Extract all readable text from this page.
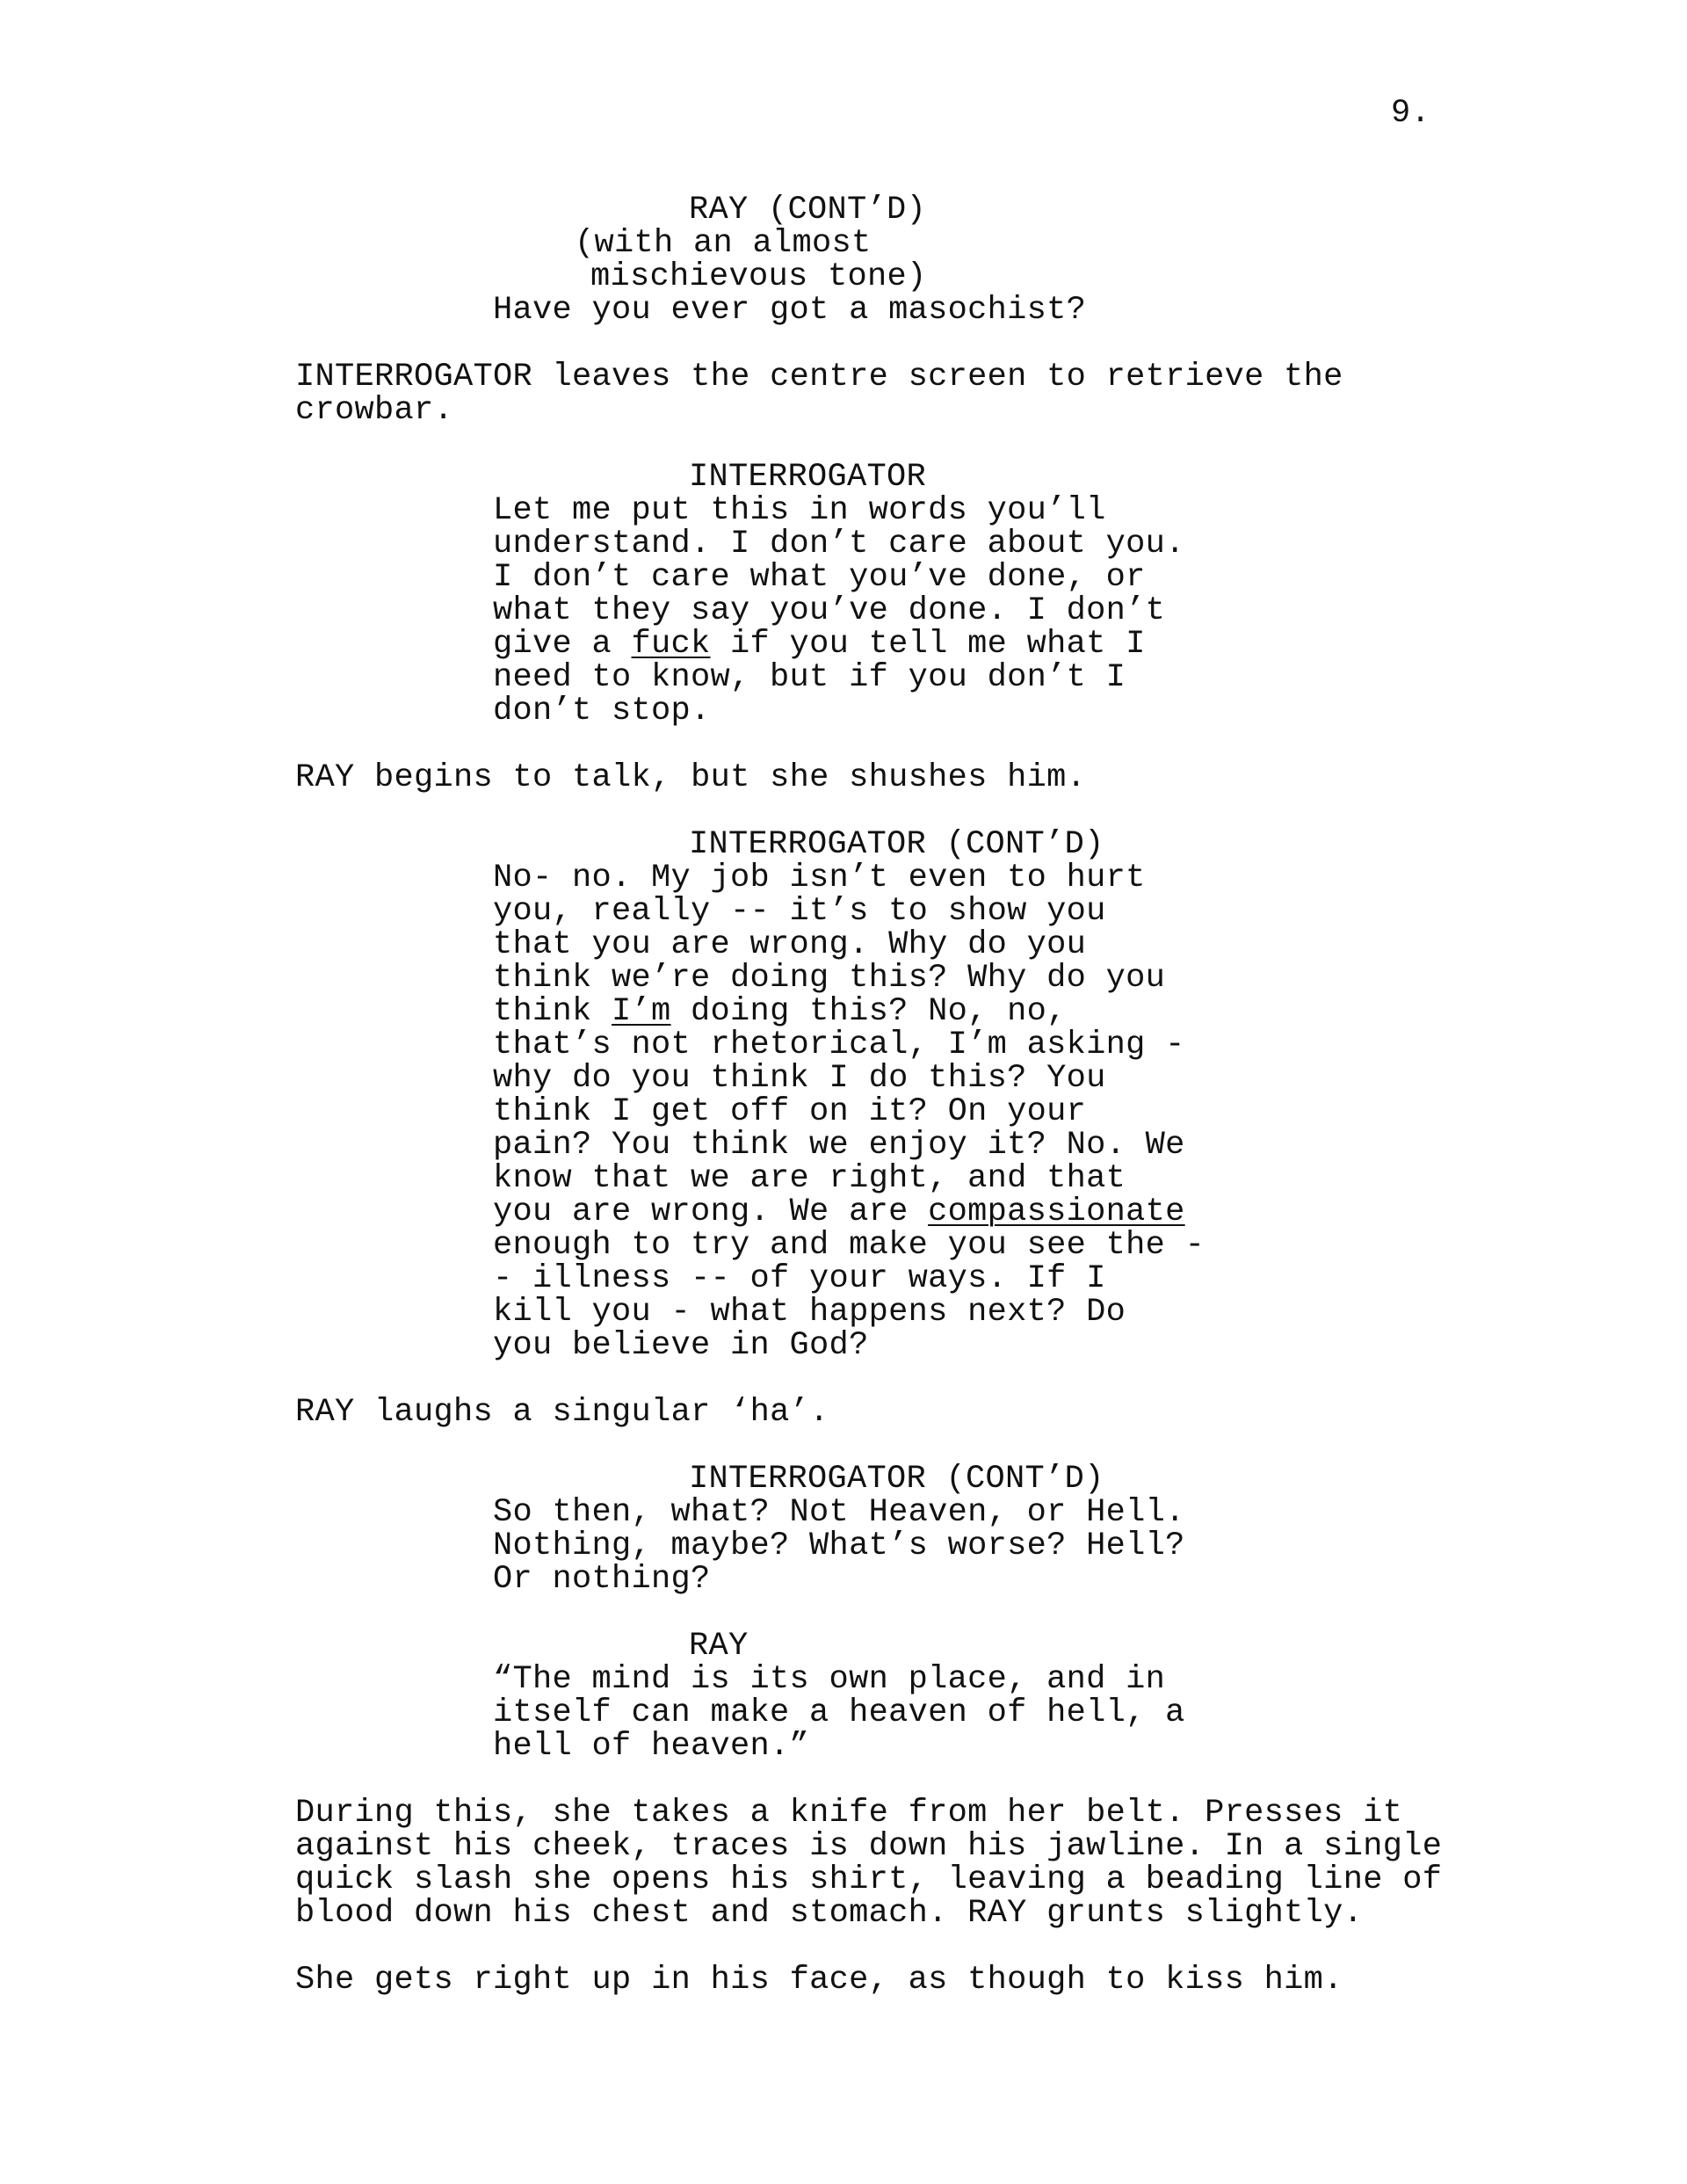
9.
RAY (CONT’D)
(with an almost
mischievous tone)
Have you ever got a masochist?
INTERROGATOR leaves the centre screen to retrieve the
crowbar.
INTERROGATOR
Let me put this in words you’ll
understand. I don’t care about you.
I don’t care what you’ve done, or
what they say you’ve done. I don’t
give a fuck if you tell me what I
need to know, but if you don’t I
don’t stop.
RAY begins to talk, but she shushes him.
INTERROGATOR (CONT’D)
No- no. My job isn’t even to hurt
you, really -- it’s to show you
that you are wrong. Why do you
think we’re doing this? Why do you
think I’m doing this? No, no,
that’s not rhetorical, I’m asking -
why do you think I do this? You
think I get off on it? On your
pain? You think we enjoy it? No. We
know that we are right, and that
you are wrong. We are compassionate
enough to try and make you see the -
- illness -- of your ways. If I
kill you - what happens next? Do
you believe in God?
RAY laughs a singular ‘ha’.
INTERROGATOR (CONT’D)
So then, what? Not Heaven, or Hell.
Nothing, maybe? What’s worse? Hell?
Or nothing?
RAY
“The mind is its own place, and in
itself can make a heaven of hell, a
hell of heaven.”
During this, she takes a knife from her belt. Presses it
against his cheek, traces is down his jawline. In a single
quick slash she opens his shirt, leaving a beading line of
blood down his chest and stomach. RAY grunts slightly.
She gets right up in his face, as though to kiss him.
